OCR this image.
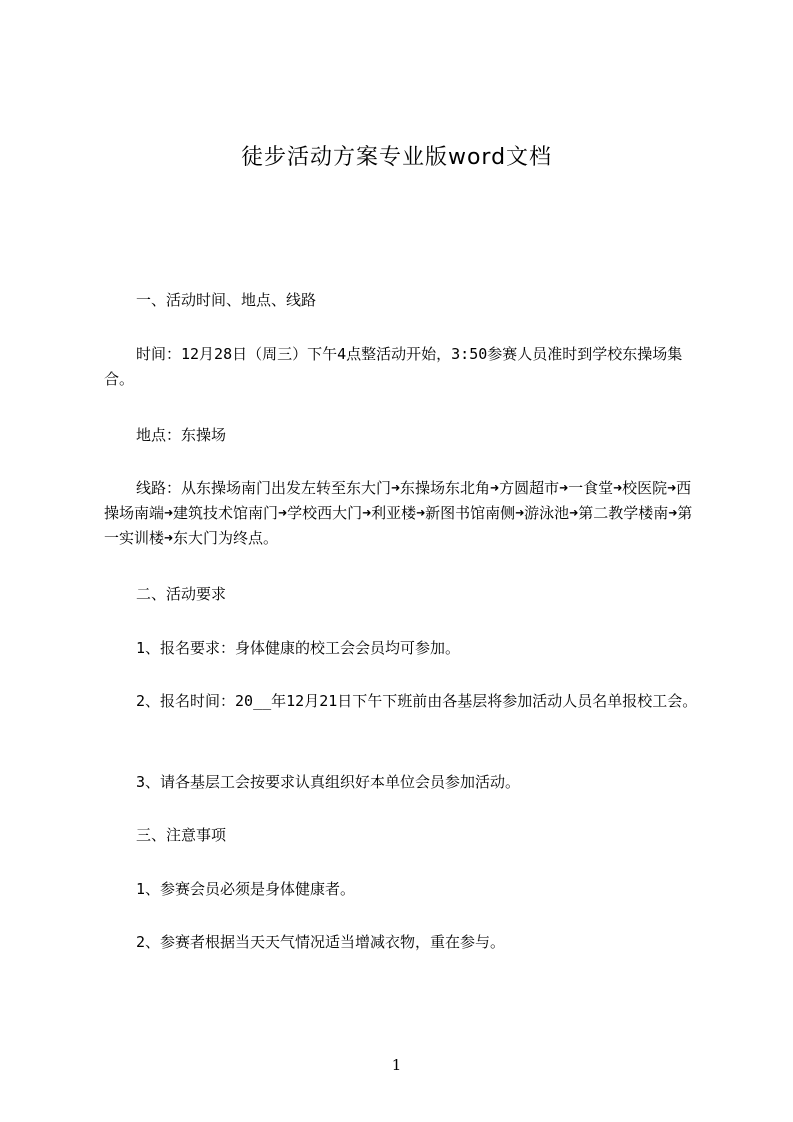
徒步活动方案专业版word文档

一、活动时间、地点、线路

时间：12月28日（周三）下午4点整活动开始，3:50参赛人员准时到学校东操场集合。

地点：东操场

线路：从东操场南门出发左转至东大门➜东操场东北角➜方圆超市➜一食堂➜校医院➜西操场南端➜建筑技术馆南门➜学校西大门➜利亚楼➜新图书馆南侧➜游泳池➜第二教学楼南➜第一实训楼➜东大门为终点。

二、活动要求

1、报名要求：身体健康的校工会会员均可参加。

2、报名时间：20__年12月21日下午下班前由各基层将参加活动人员名单报校工会。

3、请各基层工会按要求认真组织好本单位会员参加活动。

三、注意事项

1、参赛会员必须是身体健康者。

2、参赛者根据当天天气情况适当增减衣物，重在参与。

1
